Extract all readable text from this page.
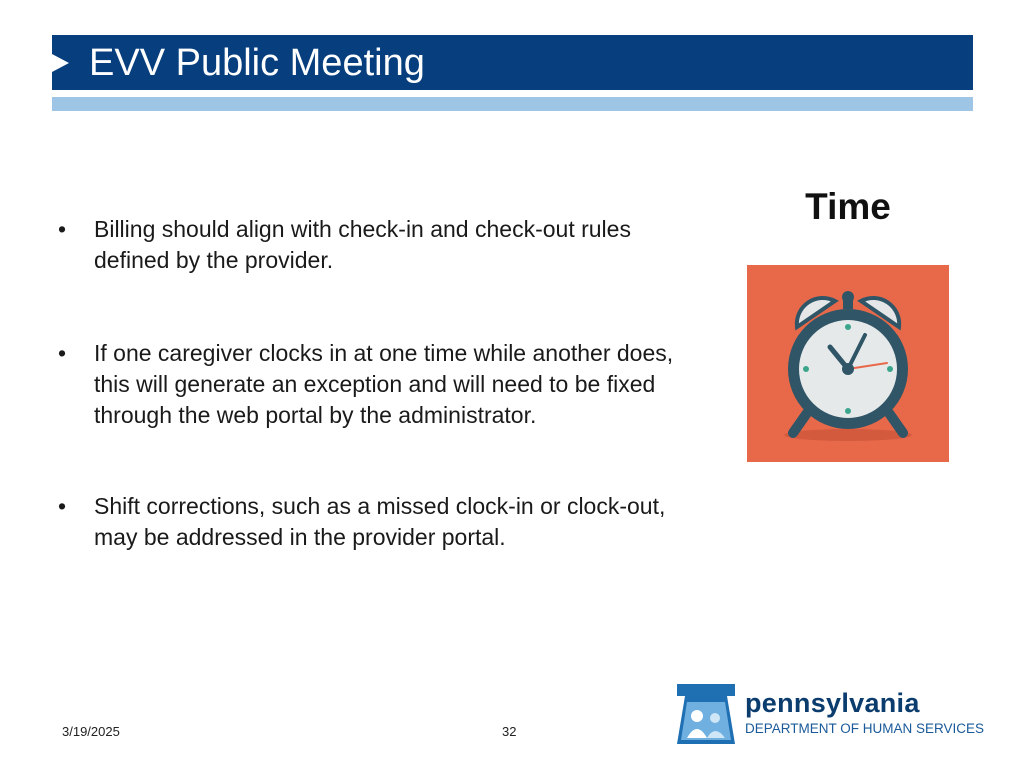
EVV Public Meeting
• Billing should align with check-in and check-out rules defined by the provider.
• If one caregiver clocks in at one time while another does, this will generate an exception and will need to be fixed through the web portal by the administrator.
• Shift corrections, such as a missed clock-in or clock-out, may be addressed in the provider portal.
Time
3/19/2025	32
pennsylvania
DEPARTMENT OF HUMAN SERVICES
